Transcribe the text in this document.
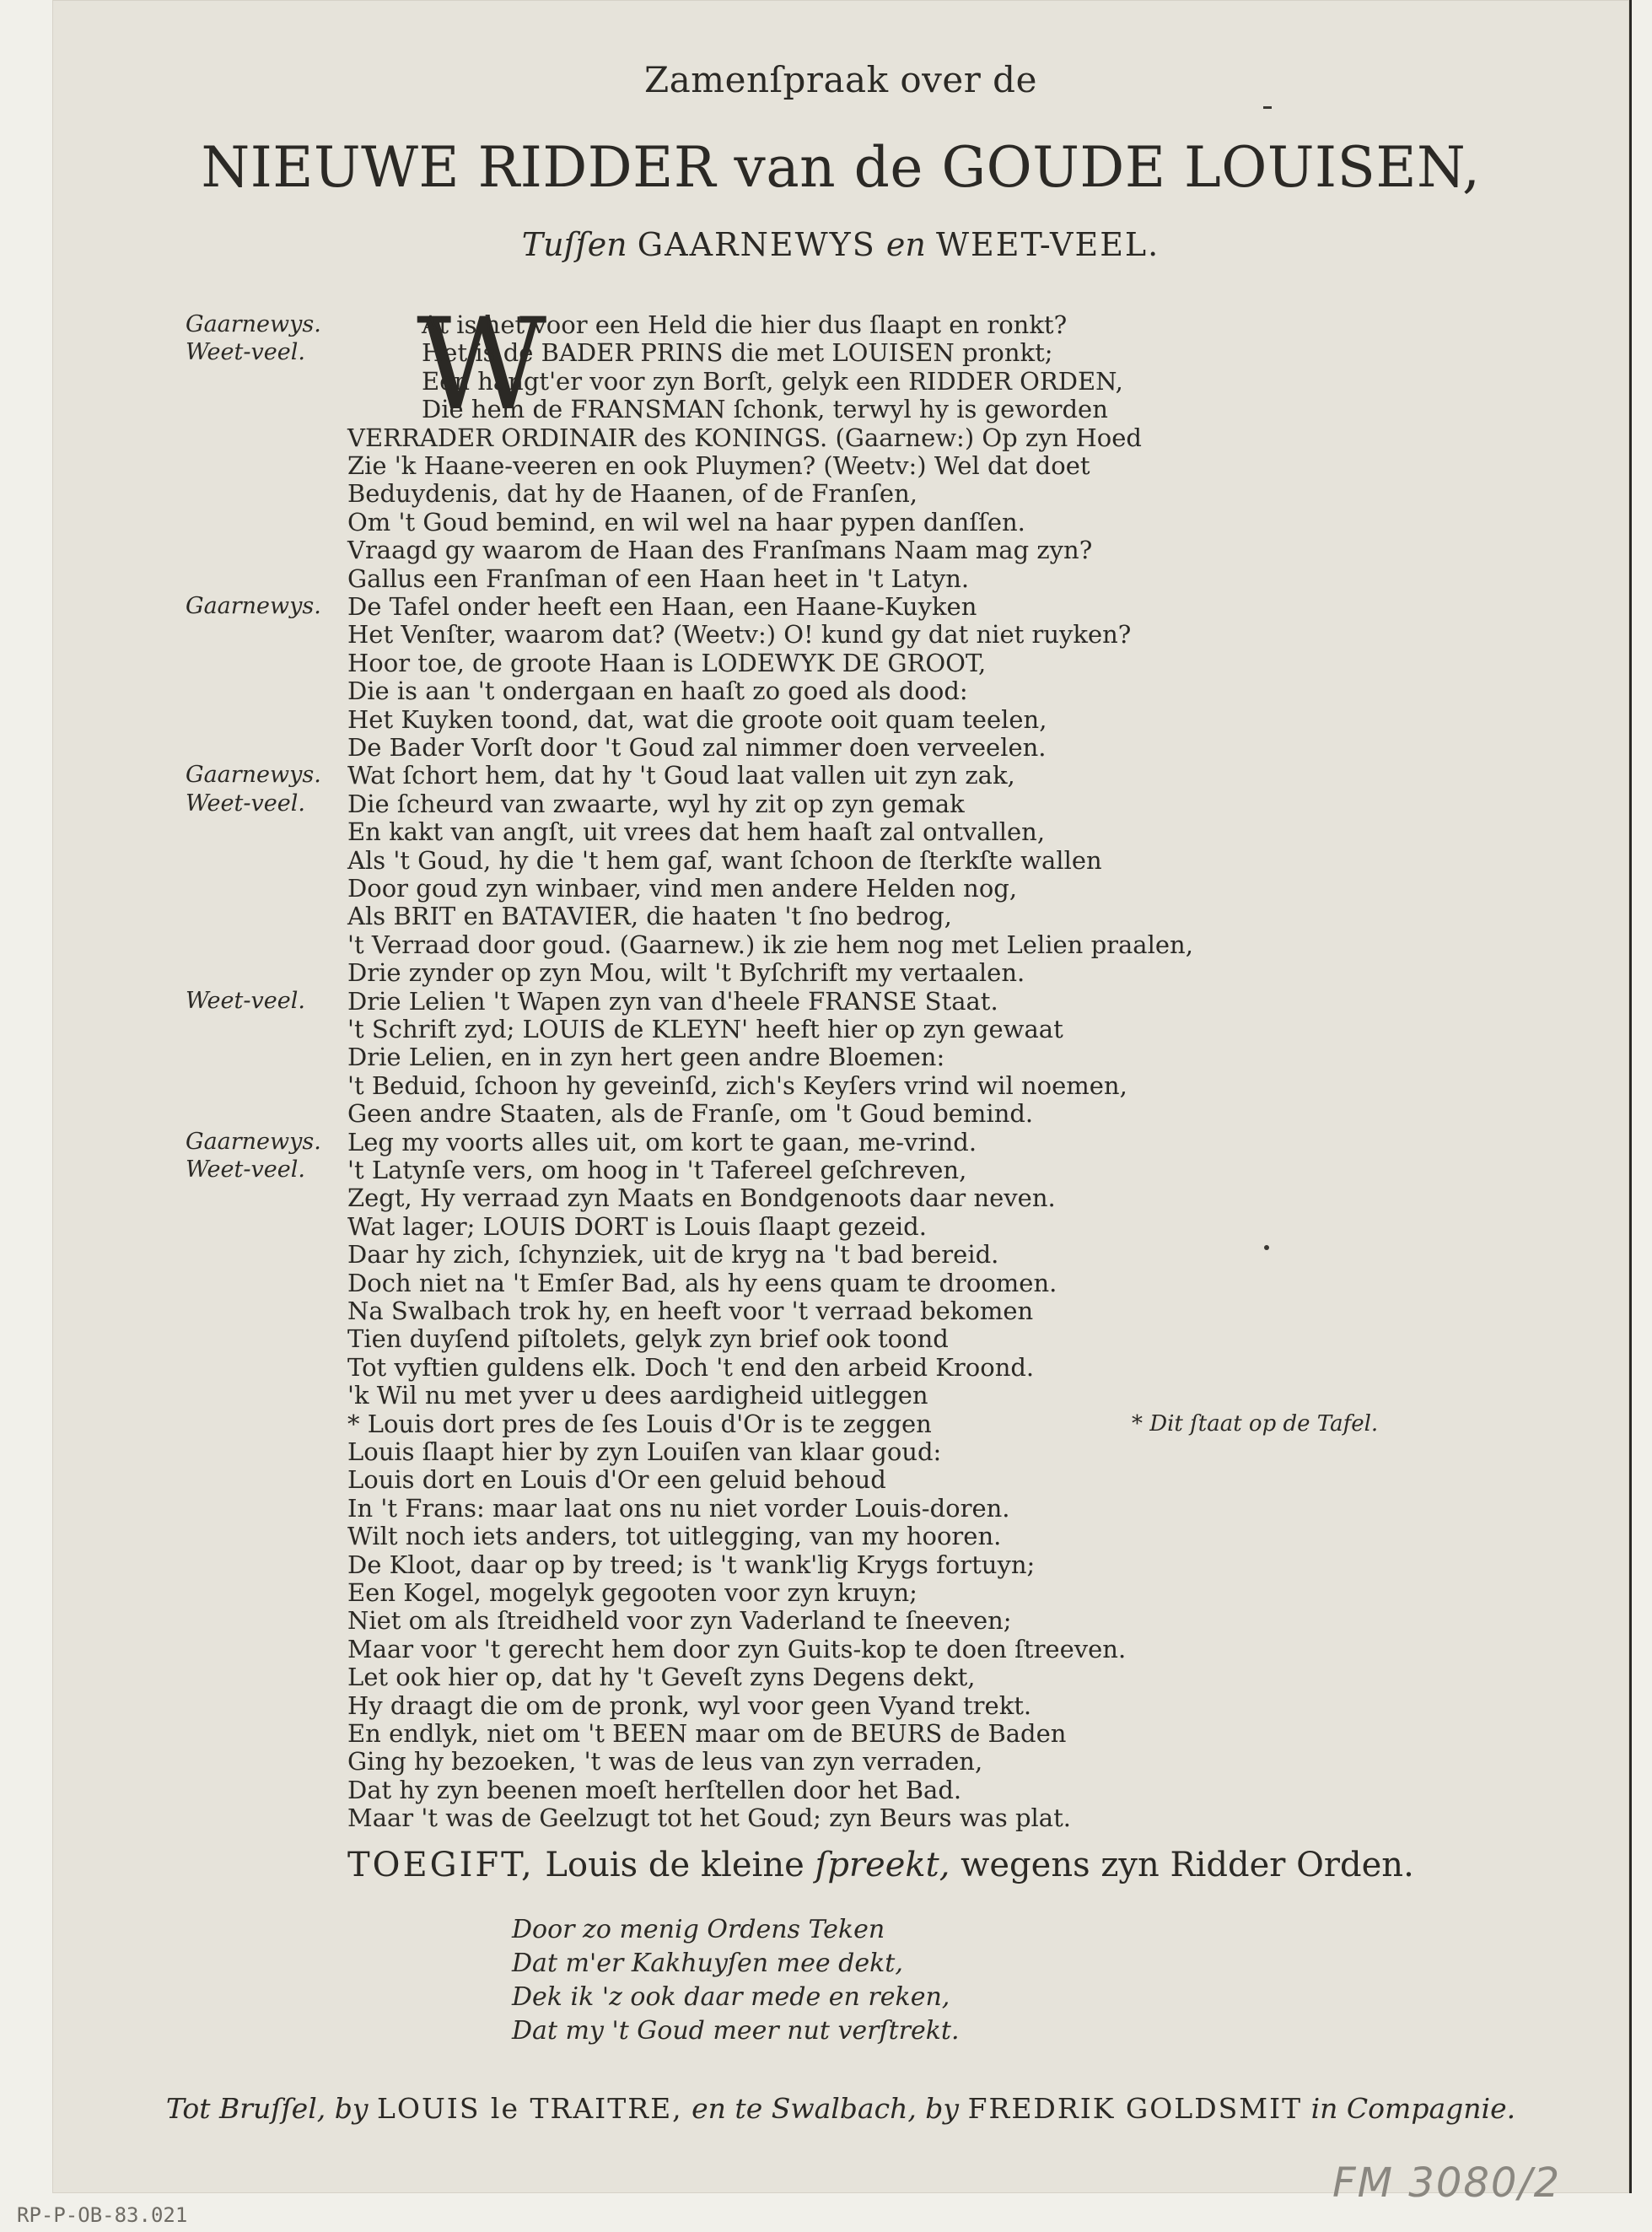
Zamenſpraak over de
NIEUWE RIDDER van de GOUDE LOUISEN,
Tuſſen GAARNEWYS en WEET-VEEL.
W
Gaarnewys.	At is het voor een Held die hier dus ſlaapt en ronkt?
Weet-veel.	Het is de BADER PRINS die met LOUISEN pronkt;
Een hangt'er voor zyn Borſt, gelyk een RIDDER ORDEN,
Die hem de FRANSMAN ſchonk, terwyl hy is geworden
VERRADER ORDINAIR des KONINGS. (Gaarnew:) Op zyn Hoed
Zie 'k Haane-veeren en ook Pluymen? (Weetv:) Wel dat doet
Beduydenis, dat hy de Haanen, of de Franſen,
Om 't Goud bemind, en wil wel na haar pypen danſſen.
Vraagd gy waarom de Haan des Franſmans Naam mag zyn?
Gallus een Franſman of een Haan heet in 't Latyn.
Gaarnewys. De Tafel onder heeft een Haan, een Haane-Kuyken
Het Venſter, waarom dat? (Weetv:) O! kund gy dat niet ruyken?
Hoor toe, de groote Haan is LODEWYK DE GROOT,
Die is aan 't ondergaan en haaſt zo goed als dood:
Het Kuyken toond, dat, wat die groote ooit quam teelen,
De Bader Vorſt door 't Goud zal nimmer doen verveelen.
Gaarnewys. Wat ſchort hem, dat hy 't Goud laat vallen uit zyn zak,
Weet-veel. Die ſcheurd van zwaarte, wyl hy zit op zyn gemak
En kakt van angſt, uit vrees dat hem haaſt zal ontvallen,
Als 't Goud, hy die 't hem gaf, want ſchoon de ſterkſte wallen
Door goud zyn winbaer, vind men andere Helden nog,
Als BRIT en BATAVIER, die haaten 't ſno bedrog,
't Verraad door goud. (Gaarnew.) ik zie hem nog met Lelien praalen,
Drie zynder op zyn Mou, wilt 't Byſchrift my vertaalen.
Weet-veel. Drie Lelien 't Wapen zyn van d'heele FRANSE Staat.
't Schrift zyd; LOUIS de KLEYN' heeft hier op zyn gewaat
Drie Lelien, en in zyn hert geen andre Bloemen:
't Beduid, ſchoon hy geveinſd, zich's Keyſers vrind wil noemen,
Geen andre Staaten, als de Franſe, om 't Goud bemind.
Gaarnewys. Leg my voorts alles uit, om kort te gaan, me-vrind.
Weet-veel. 't Latynſe vers, om hoog in 't Tafereel geſchreven,
Zegt, Hy verraad zyn Maats en Bondgenoots daar neven.
Wat lager; LOUIS DORT is Louis ſlaapt gezeid.
Daar hy zich, ſchynziek, uit de kryg na 't bad bereid.
Doch niet na 't Emſer Bad, als hy eens quam te droomen.
Na Swalbach trok hy, en heeft voor 't verraad bekomen
Tien duyſend piſtolets, gelyk zyn brief ook toond
Tot vyftien guldens elk. Doch 't end den arbeid Kroond.
'k Wil nu met yver u dees aardigheid uitleggen
* Louis dort pres de ſes Louis d'Or is te zeggen	* Dit ſtaat op de Tafel.
Louis ſlaapt hier by zyn Louiſen van klaar goud:
Louis dort en Louis d'Or een geluid behoud
In 't Frans: maar laat ons nu niet vorder Louis-doren.
Wilt noch iets anders, tot uitlegging, van my hooren.
De Kloot, daar op by treed; is 't wank'lig Krygs fortuyn;
Een Kogel, mogelyk gegooten voor zyn kruyn;
Niet om als ſtreidheld voor zyn Vaderland te ſneeven;
Maar voor 't gerecht hem door zyn Guits-kop te doen ſtreeven.
Let ook hier op, dat hy 't Geveſt zyns Degens dekt,
Hy draagt die om de pronk, wyl voor geen Vyand trekt.
En endlyk, niet om 't BEEN maar om de BEURS de Baden
Ging hy bezoeken, 't was de leus van zyn verraden,
Dat hy zyn beenen moeſt herſtellen door het Bad.
Maar 't was de Geelzugt tot het Goud; zyn Beurs was plat.
TOEGIFT, Louis de kleine ſpreekt, wegens zyn Ridder Orden.
Door zo menig Ordens Teken
Dat m'er Kakhuyſen mee dekt,
Dek ik 'z ook daar mede en reken,
Dat my 't Goud meer nut verſtrekt.
Tot Bruſſel, by LOUIS le TRAITRE, en te Swalbach, by FREDRIK GOLDSMIT in Compagnie.
RP-P-OB-83.021
FM 3080/2
